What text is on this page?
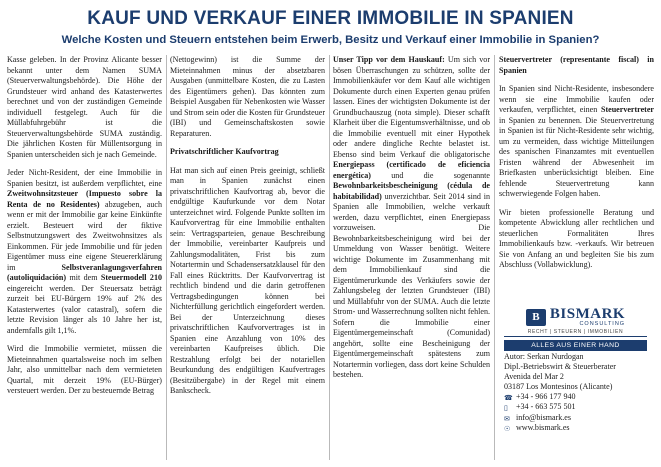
KAUF UND VERKAUF EINER IMMOBILIE IN SPANIEN
Welche Kosten und Steuern entstehen beim Erwerb, Besitz und Verkauf einer Immobilie in Spanien?

Kasse geleben. In der Provinz Alicante besser bekannt unter dem Namen SUMA (Steuerverwaltungsbehörde). Die Höhe der Grundsteuer wird anhand des Katasterwertes berechnet und von der zuständigen Gemeinde individuell festgelegt. Auch für die Müllabfuhrgebühr ist die Steuerverwaltungsbehörde SUMA zuständig. Die jährlichen Kosten für Müllentsorgung in Spanien unterscheiden sich je nach Gemeinde.

Jeder Nicht-Resident, der eine Immobilie in Spanien besitzt, ist außerdem verpflichtet, eine Zweitwohnsitzsteuer (Impuesto sobre la Renta de no Residentes) abzugeben, auch wenn er mit der Immobilie gar keine Einkünfte erzielt. Besteuert wird der fiktive Selbstnutzungswert des Zweitwohnsitzes als Einkommen. Für jede Immobilie und für jeden Eigentümer muss eine eigene Steuererklärung im Selbstveranlagungsverfahren (autoliquidación) mit dem Steuermodell 210 eingereicht werden. Der Steuersatz beträgt zurzeit bei EU-Bürgern 19% auf 2% des Katasterwertes (valor catastral), sofern die letzte Revision länger als 10 Jahre her ist, andernfalls gilt 1,1%.

Wird die Immobilie vermietet, müssen die Mieteinnahmen quartalsweise noch im selben Jahr, also unmittelbar nach dem vermieteten Quartal, mit derzeit 19% (EU-Bürger) versteuert werden. Der zu besteuernde Betrag

(Nettogewinn) ist die Summe der Mieteinnahmen minus der absetzbaren Ausgaben (unmittelbare Kosten, die zu Lasten des Eigentümers gehen). Das könnten zum Beispiel Ausgaben für Nebenkosten wie Wasser und Strom sein oder die Kosten für Grundsteuer (IBI) und Gemeinschaftskosten sowie Reparaturen.

Privatschriftlicher Kaufvortrag

Hat man sich auf einen Preis geeinigt, schließt man in Spanien zunächst einen privatschriftlichen Kaufvortrag ab, bevor die endgültige Kaufurkunde vor dem Notar unterzeichnet wird. Folgende Punkte sollten im Kaufvorvertrag für eine Immobilie enthalten sein: Vertragsparteien, genaue Beschreibung der Immobilie, vereinbarter Kaufpreis und Zahlungsmodalitäten, Frist bis zum Notartermin und Schadensersatzklausel für den Fall eines Rücktritts. Der Kaufvorvertrag ist rechtlich bindend und die darin getroffenen Vertragsbedingungen können bei Nichterfüllung gerichtlich eingefordert werden. Bei der Unterzeichnung dieses privatschriftlichen Kaufvorvertrages ist in Spanien eine Anzahlung von 10% des vereinbarten Kaufpreises üblich. Die Restzahlung erfolgt bei der notariellen Beurkundung des endgültigen Kaufvertrages (Besitzübergabe) in der Regel mit einem Bankscheck.

Unser Tipp vor dem Hauskauf: Um sich vor bösen Überraschungen zu schützen, sollte der Immobilienkäufer vor dem Kauf alle wichtigen Dokumente durch einen Experten genau prüfen lassen. Eines der wichtigsten Dokumente ist der Grundbuchauszug (nota simple). Dieser schafft Klarheit über die Eigentumsverhältnisse, und ob die Immobilie eventuell mit einer Hypothek oder andere dingliche Rechte belastet ist. Ebenso sind beim Verkauf die obligatorische Energiepass (certificado de eficiencia energética) und die sogenannte Bewohnbarkeitsbescheinigung (cédula de habitabilidad) unverzichtbar. Seit 2014 sind in Spanien alle Immobilien, welche verkauft werden, dazu verpflichtet, einen Energiepass vorzuweisen. Die Bewohnbarkeitsbescheinigung wird bei der Ummeldung von Wasser benötigt. Weitere wichtige Dokumente im Zusammenhang mit dem Immobilienkauf sind die Eigentümerurkunde des Verkäufers sowie der Zahlungsbeleg der letzten Grundsteuer (IBI) und Müllabfuhr von der SUMA. Auch die letzte Strom- und Wasserrechnung sollten nicht fehlen. Sofern die Immobilie einer Eigentümergemeinschaft (Comunidad) angehört, sollte eine Bescheinigung der Eigentümergemeinschaft spätestens zum Notartermin vorliegen, dass dort keine Schulden bestehen.

Steuervertreter (representante fiscal) in Spanien

In Spanien sind Nicht-Residente, insbesondere wenn sie eine Immobilie kaufen oder verkaufen, verpflichtet, einen Steuervertreter in Spanien zu benennen. Die Steuervertretung in Spanien ist für Nicht-Residente sehr wichtig, um zu vermeiden, dass wichtige Mitteilungen des spanischen Finanzamtes mit eventuellen Fristen während der Abwesenheit im Briefkasten unberücksichtigt bleiben. Eine fehlende Steuervertretung kann schwerwiegende Folgen haben.

Wir bieten professionelle Beratung und kompetente Abwicklung aller rechtlichen und steuerlichen Formalitäten Ihres Immobilienkaufs bzw. -verkaufs. Wir betreuen Sie von Anfang an und begleiten Sie bis zum Abschluss (Vollabwicklung).

B BISMARK
CONSULTING
RECHT | STEUERN | IMMOBILIEN
ALLES AUS EINER HAND
Autor: Serkan Nurdogan
Dipl.-Betriebswirt & Steuerberater
Avenida del Mar 2
03187 Los Montesinos (Alicante)
☎ +34 - 966 177 940
▯ +34 - 663 575 501
✉ info@bismark.es
☉ www.bismark.es
